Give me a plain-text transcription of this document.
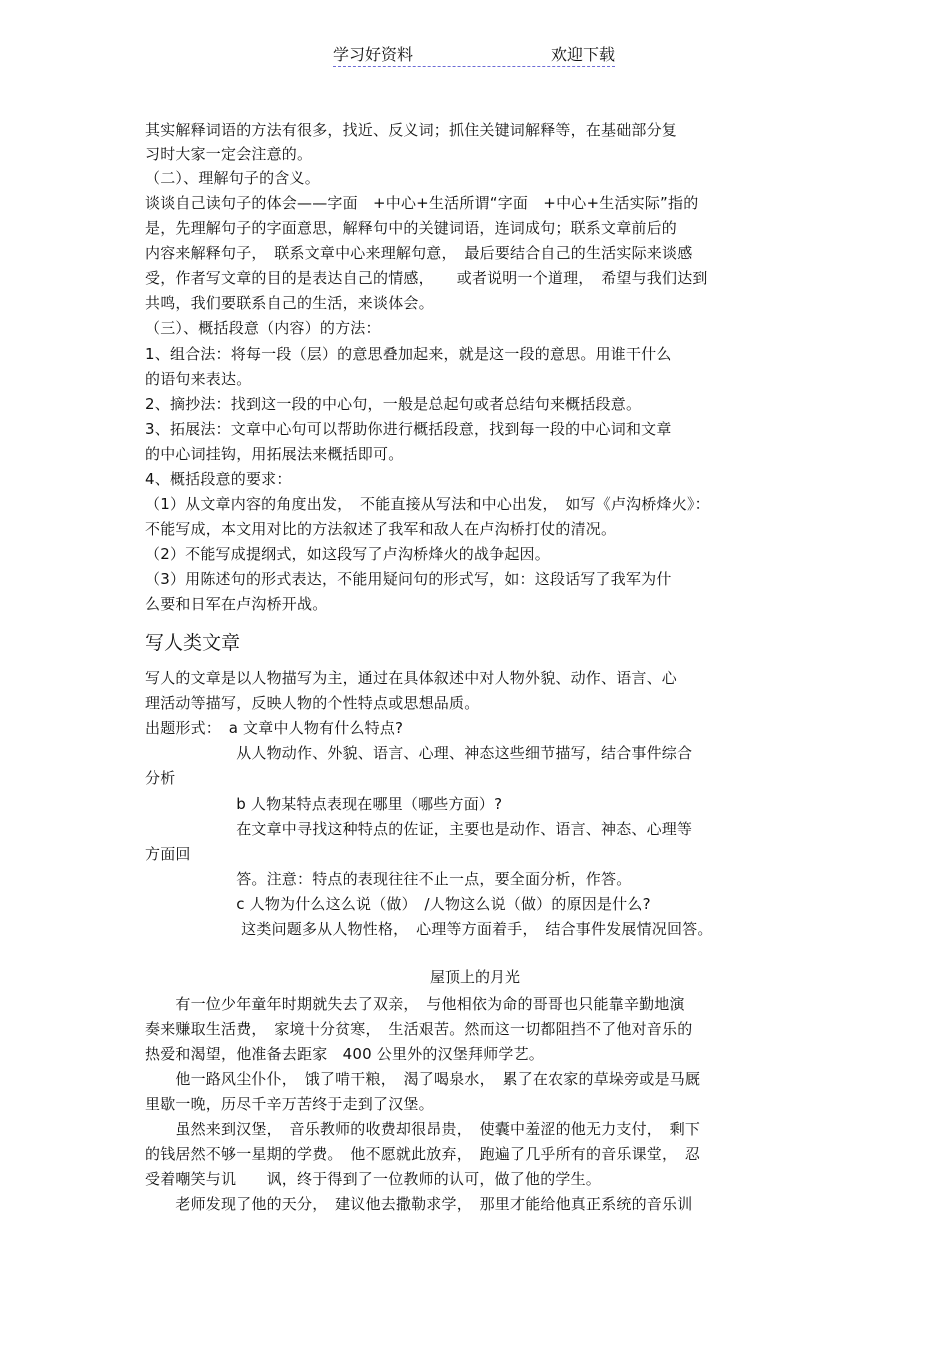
学习好资料	欢迎下载
其实解释词语的方法有很多，找近、反义词；抓住关键词解释等，在基础部分复
习时大家一定会注意的。
（二）、理解句子的含义。
谈谈自己读句子的体会——字面　+中心+生活所谓“字面　+中心+生活实际”指的
是，先理解句子的字面意思，解释句中的关键词语，连词成句；联系文章前后的
内容来解释句子，　联系文章中心来理解句意，　最后要结合自己的生活实际来谈感
受，作者写文章的目的是表达自己的情感，　　或者说明一个道理，　希望与我们达到
共鸣，我们要联系自己的生活，来谈体会。
（三）、概括段意（内容）的方法：
1、组合法：将每一段（层）的意思叠加起来，就是这一段的意思。用谁干什么
的语句来表达。
2、摘抄法：找到这一段的中心句，一般是总起句或者总结句来概括段意。
3、拓展法：文章中心句可以帮助你进行概括段意，找到每一段的中心词和文章
的中心词挂钩，用拓展法来概括即可。
4、概括段意的要求：
（1）从文章内容的角度出发，　不能直接从写法和中心出发，　如写《卢沟桥烽火》：
不能写成，本文用对比的方法叙述了我军和敌人在卢沟桥打仗的清况。
（2）不能写成提纲式，如这段写了卢沟桥烽火的战争起因。
（3）用陈述句的形式表达，不能用疑问句的形式写，如：这段话写了我军为什
么要和日军在卢沟桥开战。
写人类文章
写人的文章是以人物描写为主，通过在具体叙述中对人物外貌、动作、语言、心
理活动等描写，反映人物的个性特点或思想品质。
出题形式：　a 文章中人物有什么特点?
　　　　　　从人物动作、外貌、语言、心理、神态这些细节描写，结合事件综合
分析
　　　　　　b 人物某特点表现在哪里（哪些方面）?
　　　　　　在文章中寻找这种特点的佐证，主要也是动作、语言、神态、心理等
方面回
　　　　　　答。注意：特点的表现往往不止一点，要全面分析，作答。
　　　　　　c 人物为什么这么说（做）　/人物这么说（做）的原因是什么?
　　　　　　 这类问题多从人物性格，　心理等方面着手，　结合事件发展情况回答。
屋顶上的月光
　　有一位少年童年时期就失去了双亲，　与他相依为命的哥哥也只能靠辛勤地演
奏来赚取生活费，　家境十分贫寒，　生活艰苦。然而这一切都阻挡不了他对音乐的
热爱和渴望，他准备去距家　400 公里外的汉堡拜师学艺。
　　他一路风尘仆仆，　饿了啃干粮，　渴了喝泉水，　累了在农家的草垛旁或是马厩
里歇一晚，历尽千辛万苦终于走到了汉堡。
　　虽然来到汉堡，　音乐教师的收费却很昂贵，　使囊中羞涩的他无力支付，　剩下
的钱居然不够一星期的学费。　他不愿就此放弃，　跑遍了几乎所有的音乐课堂，　忍
受着嘲笑与讥　　讽，终于得到了一位教师的认可，做了他的学生。
　　老师发现了他的天分，　建议他去撒勒求学，　那里才能给他真正系统的音乐训
